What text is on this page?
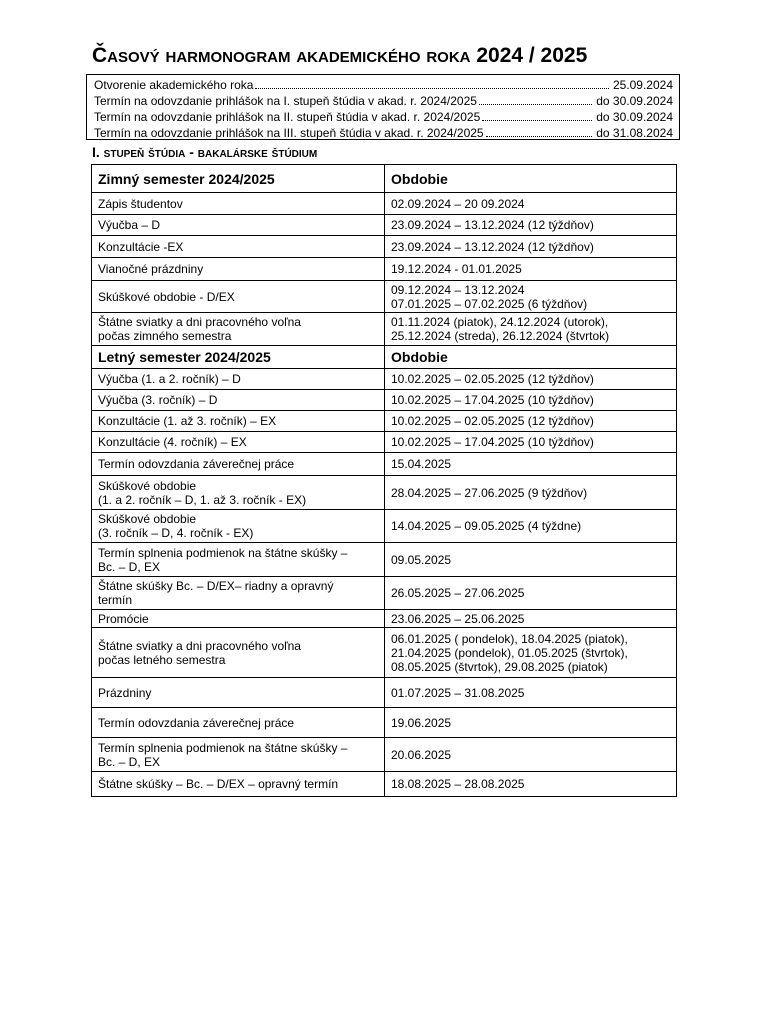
Časový harmonogram akademického roka 2024 / 2025
Otvorenie akademického roka	25.09.2024
Termín na odovzdanie prihlášok na I. stupeň štúdia v akad. r. 2024/2025	do 30.09.2024
Termín na odovzdanie prihlášok na II. stupeň štúdia v akad. r. 2024/2025	do 30.09.2024
Termín na odovzdanie prihlášok na III. stupeň štúdia v akad. r. 2024/2025	do 31.08.2024
I. stupeň štúdia - bakalárske štúdium
Zimný semester 2024/2025	Obdobie
Zápis študentov	02.09.2024 – 20 09.2024
Výučba – D	23.09.2024 – 13.12.2024 (12 týždňov)
Konzultácie -EX	23.09.2024 – 13.12.2024 (12 týždňov)
Vianočné prázdniny	19.12.2024 - 01.01.2025
Skúškové obdobie - D/EX	09.12.2024 – 13.12.2024
07.01.2025 – 07.02.2025 (6 týždňov)
Štátne sviatky a dni pracovného voľna
počas zimného semestra	01.11.2024 (piatok), 24.12.2024 (utorok),
25.12.2024 (streda), 26.12.2024 (štvrtok)
Letný semester 2024/2025	Obdobie
Výučba (1. a 2. ročník) – D	10.02.2025 – 02.05.2025 (12 týždňov)
Výučba (3. ročník) – D	10.02.2025 – 17.04.2025 (10 týždňov)
Konzultácie (1. až 3. ročník) – EX	10.02.2025 – 02.05.2025 (12 týždňov)
Konzultácie (4. ročník) – EX	10.02.2025 – 17.04.2025 (10 týždňov)
Termín odovzdania záverečnej práce	15.04.2025
Skúškové obdobie
(1. a 2. ročník – D, 1. až 3. ročník - EX)	28.04.2025 – 27.06.2025 (9 týždňov)
Skúškové obdobie
(3. ročník – D, 4. ročník - EX)	14.04.2025 – 09.05.2025 (4 týždne)
Termín splnenia podmienok na štátne skúšky –
Bc. – D, EX	09.05.2025
Štátne skúšky Bc. – D/EX– riadny a opravný
termín	26.05.2025 – 27.06.2025
Promócie	23.06.2025 – 25.06.2025
Štátne sviatky a dni pracovného voľna
počas letného semestra	06.01.2025 ( pondelok), 18.04.2025 (piatok),
21.04.2025 (pondelok), 01.05.2025 (štvrtok),
08.05.2025 (štvrtok), 29.08.2025 (piatok)
Prázdniny	01.07.2025 – 31.08.2025
Termín odovzdania záverečnej práce	19.06.2025
Termín splnenia podmienok na štátne skúšky –
Bc. – D, EX	20.06.2025
Štátne skúšky – Bc. – D/EX – opravný termín	18.08.2025 – 28.08.2025
